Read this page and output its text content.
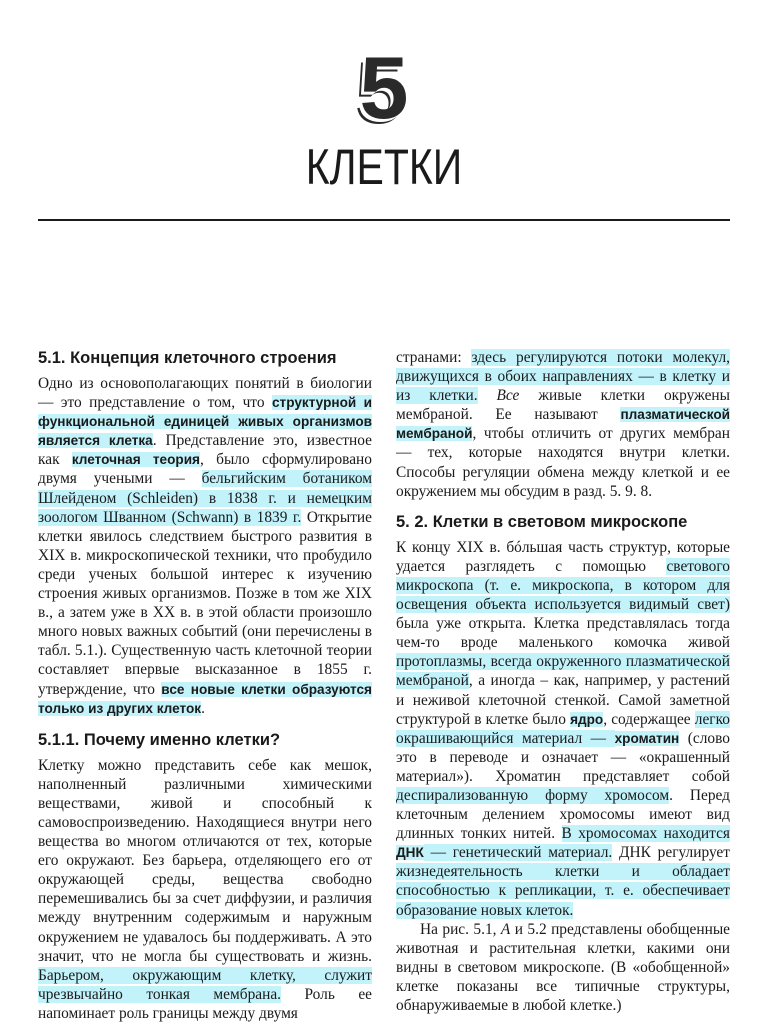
5
КЛЕТКИ
5.1. Концепция клеточного строения

Одно из основополагающих понятий в биологии — это представление о том, что структурной и функциональной единицей живых организмов является клетка. Представление это, известное как клеточная теория, было сформулировано двумя учеными — бельгийским ботаником Шлейденом (Schleiden) в 1838 г. и немецким зоологом Шванном (Schwann) в 1839 г. Открытие клетки явилось следствием быстрого развития в XIX в. микроскопической техники, что пробудило среди ученых большой интерес к изучению строения живых организмов. Позже в том же XIX в., а затем уже в XX в. в этой области произошло много новых важных событий (они перечислены в табл. 5.1.). Существенную часть клеточной теории составляет впервые высказанное в 1855 г. утверждение, что все новые клетки образуются только из других клеток.

5.1.1. Почему именно клетки?

Клетку можно представить себе как мешок, наполненный различными химическими веществами, живой и способный к самовоспроизведению. Находящиеся внутри него вещества во многом отличаются от тех, которые его окружают. Без барьера, отделяющего его от окружающей среды, вещества свободно перемешивались бы за счет диффузии, и различия между внутренним содержимым и наружным окружением не удавалось бы поддерживать. А это значит, что не могла бы существовать и жизнь. Барьером, окружающим клетку, служит чрезвычайно тонкая мембрана. Роль ее напоминает роль границы между двумя

странами: здесь регулируются потоки молекул, движущихся в обоих направлениях — в клетку и из клетки. Все живые клетки окружены мембраной. Ее называют плазматической мембраной, чтобы отличить от других мембран — тех, которые находятся внутри клетки. Способы регуляции обмена между клеткой и ее окружением мы обсудим в разд. 5. 9. 8.

5. 2. Клетки в световом микроскопе

К концу XIX в. бóльшая часть структур, которые удается разглядеть с помощью светового микроскопа (т. е. микроскопа, в котором для освещения объекта используется видимый свет) была уже открыта. Клетка представлялась тогда чем-то вроде маленького комочка живой протоплазмы, всегда окруженного плазматической мембраной, а иногда – как, например, у растений и неживой клеточной стенкой. Самой заметной структурой в клетке было ядро, содержащее легко окрашивающийся материал — хроматин (слово это в переводе и означает — «окрашенный материал»). Хроматин представляет собой деспирализованную форму хромосом. Перед клеточным делением хромосомы имеют вид длинных тонких нитей. В хромосомах находится ДНК — генетический материал. ДНК регулирует жизнедеятельность клетки и обладает способностью к репликации, т. е. обеспечивает образование новых клеток.

На рис. 5.1, А и 5.2 представлены обобщенные животная и растительная клетки, какими они видны в световом микроскопе. (В «обобщенной» клетке показаны все типичные структуры, обнаруживаемые в любой клетке.)
